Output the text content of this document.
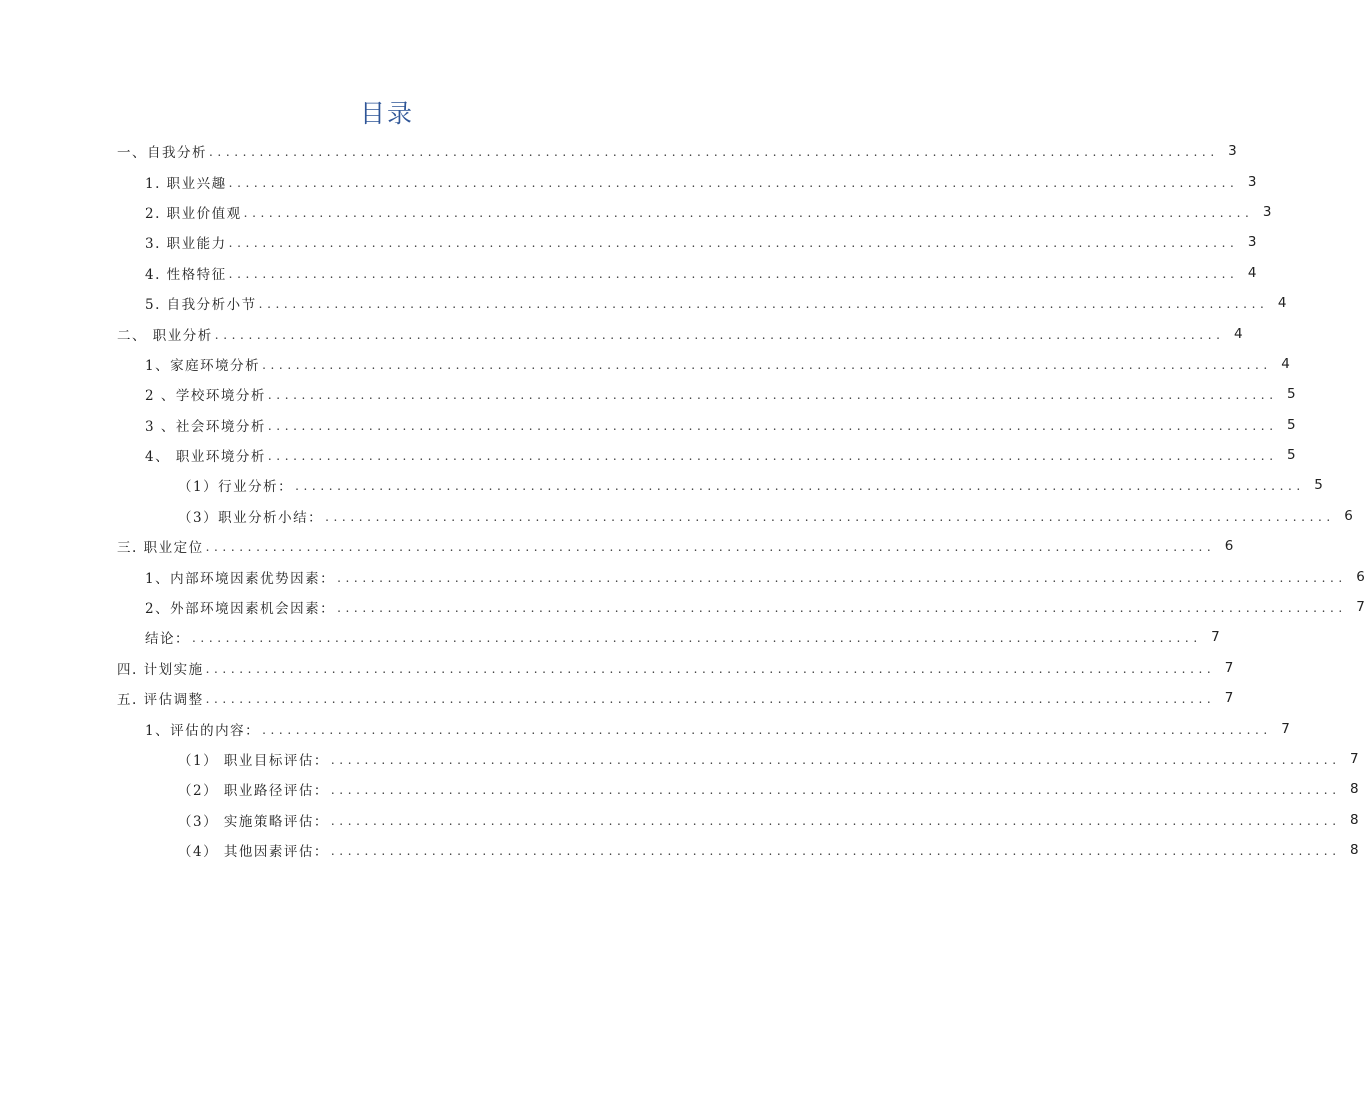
目录
一、自我分析 ........................................................................................................................ 3
1. 职业兴趣 ........................................................................................................................ 3
2. 职业价值观 ........................................................................................................................ 3
3. 职业能力 ........................................................................................................................ 3
4. 性格特征 ........................................................................................................................ 4
5. 自我分析小节 ........................................................................................................................ 4
二、 职业分析 ........................................................................................................................ 4
1、家庭环境分析 ........................................................................................................................ 4
2 、学校环境分析 ........................................................................................................................ 5
3 、社会环境分析 ........................................................................................................................ 5
4、 职业环境分析 ........................................................................................................................ 5
（1）行业分析： ........................................................................................................................ 5
（3）职业分析小结： ........................................................................................................................ 6
三. 职业定位 ........................................................................................................................ 6
1、内部环境因素优势因素： ........................................................................................................................ 6
2、外部环境因素机会因素： ........................................................................................................................ 7
结论： ........................................................................................................................ 7
四. 计划实施 ........................................................................................................................ 7
五. 评估调整 ........................................................................................................................ 7
1、评估的内容： ........................................................................................................................ 7
（1） 职业目标评估： ........................................................................................................................ 7
（2） 职业路径评估： ........................................................................................................................ 8
（3） 实施策略评估： ........................................................................................................................ 8
（4） 其他因素评估： ........................................................................................................................ 8
